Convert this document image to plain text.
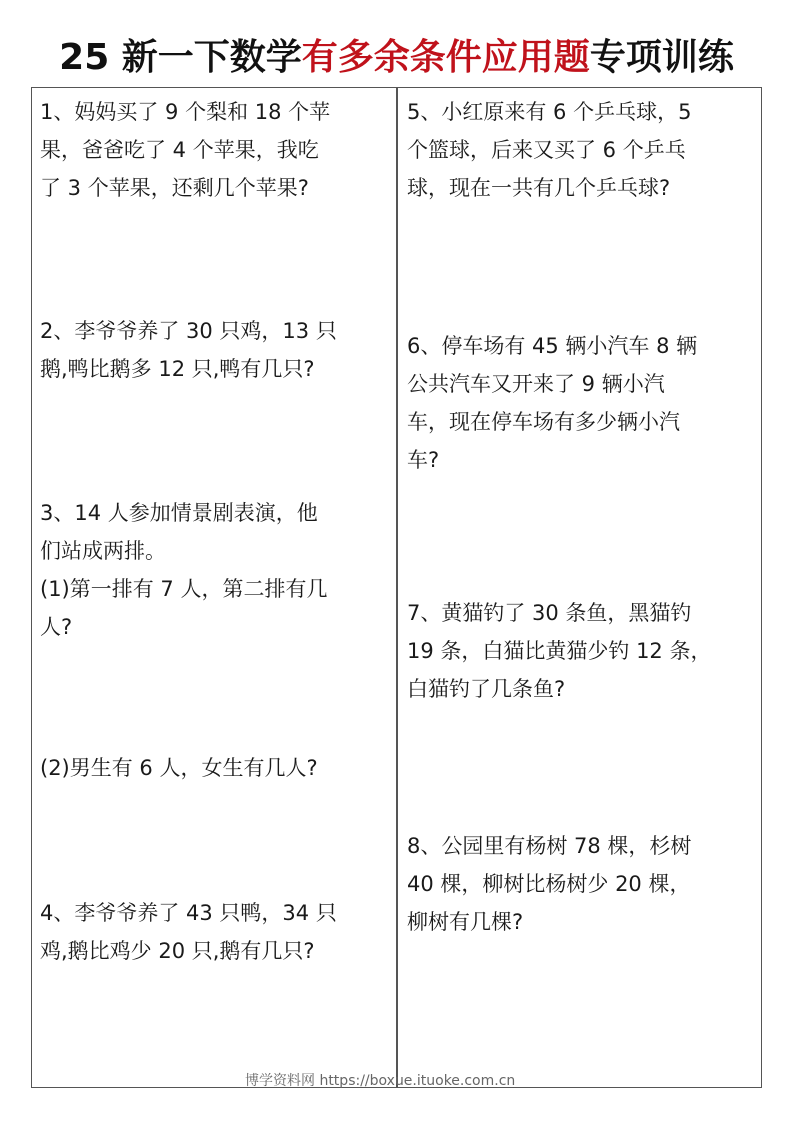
25 新一下数学有多余条件应用题专项训练
1、妈妈买了 9 个梨和 18 个苹
果，爸爸吃了 4 个苹果，我吃
了 3 个苹果，还剩几个苹果?
2、李爷爷养了 30 只鸡，13 只
鹅,鸭比鹅多 12 只,鸭有几只?
3、14 人参加情景剧表演，他
们站成两排。
(1)第一排有 7 人，第二排有几
人?
(2)男生有 6 人，女生有几人?
4、李爷爷养了 43 只鸭，34 只
鸡,鹅比鸡少 20 只,鹅有几只?
5、小红原来有 6 个乒乓球，5
个篮球，后来又买了 6 个乒乓
球，现在一共有几个乒乓球?
6、停车场有 45 辆小汽车 8 辆
公共汽车又开来了 9 辆小汽
车，现在停车场有多少辆小汽
车?
7、黄猫钓了 30 条鱼，黑猫钓
19 条，白猫比黄猫少钓 12 条，
白猫钓了几条鱼?
8、公园里有杨树 78 棵，杉树
40 棵，柳树比杨树少 20 棵，
柳树有几棵?
博学资料网 https://boxue.ituoke.com.cn
